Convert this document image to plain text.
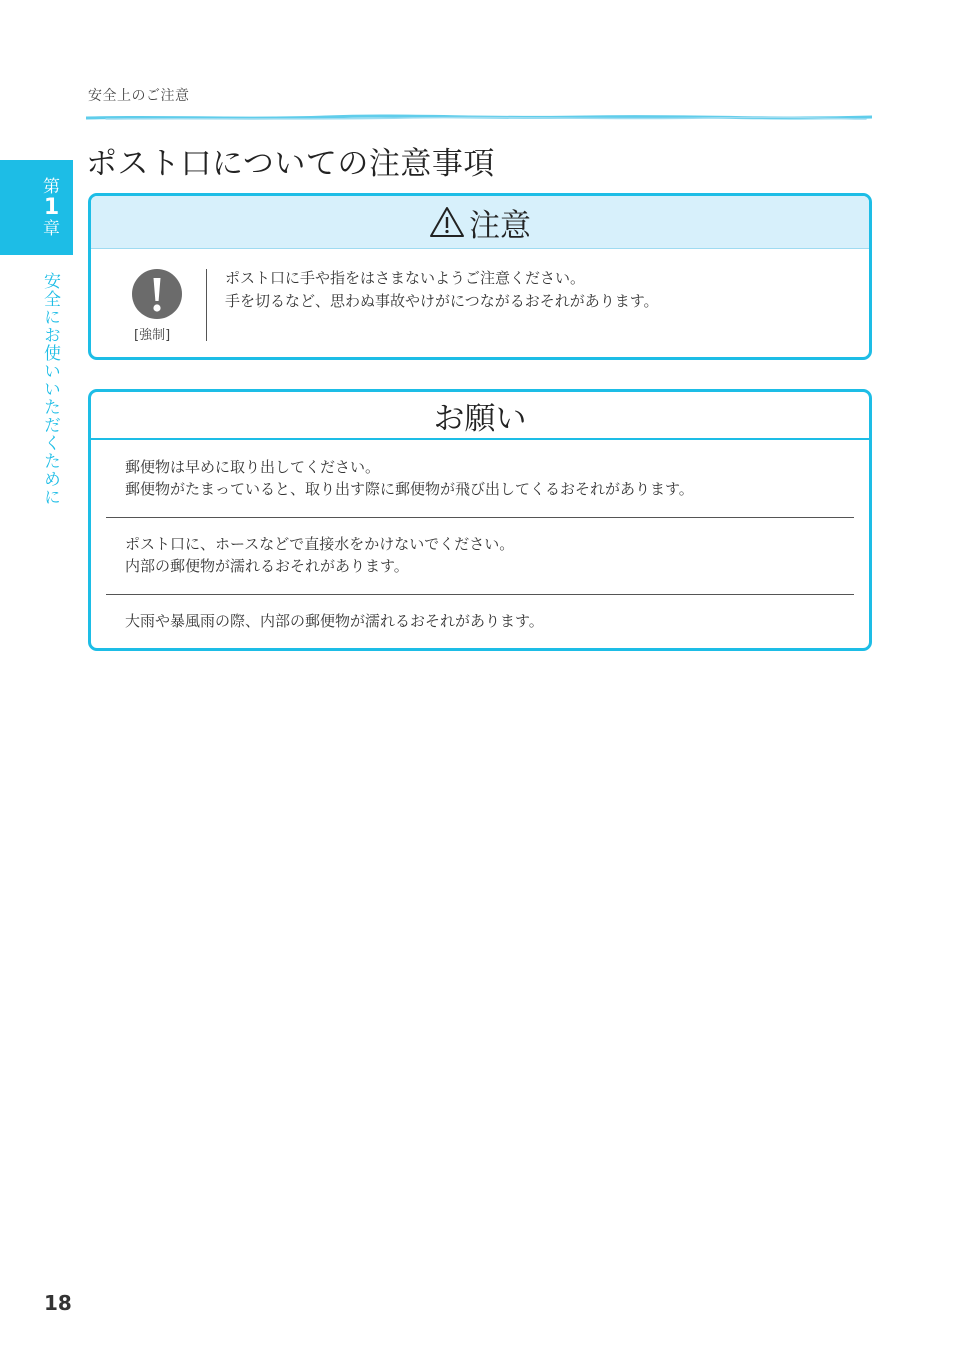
安全上のご注意
ポスト口についての注意事項
第
1
章
安全にお使いいただくために
注意
[強制]
ポスト口に手や指をはさまないようご注意ください。
手を切るなど、思わぬ事故やけがにつながるおそれがあります。
お願い
郵便物は早めに取り出してください。
郵便物がたまっていると、取り出す際に郵便物が飛び出してくるおそれがあります。
ポスト口に、ホースなどで直接水をかけないでください。
内部の郵便物が濡れるおそれがあります。
大雨や暴風雨の際、内部の郵便物が濡れるおそれがあります。
18
